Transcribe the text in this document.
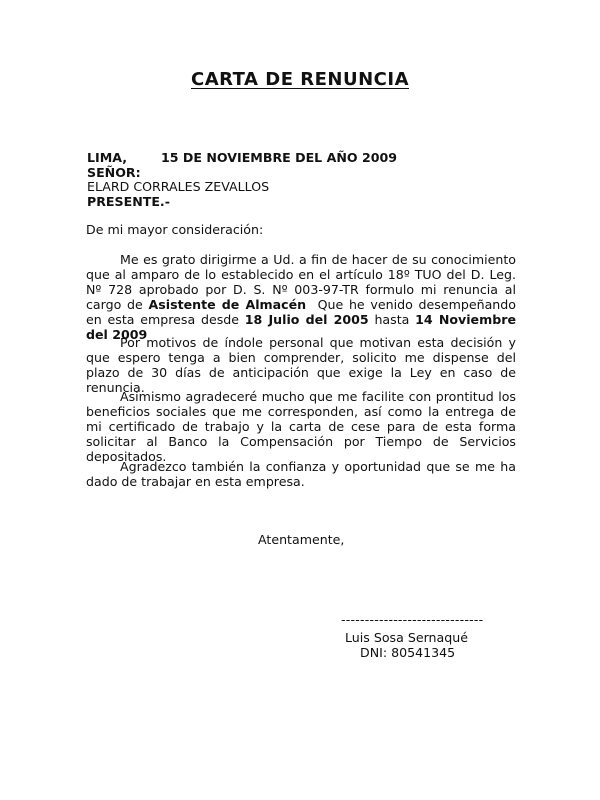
CARTA DE RENUNCIA
LIMA,	15 DE NOVIEMBRE DEL AÑO 2009
SEÑOR:
ELARD CORRALES ZEVALLOS
PRESENTE.-
De mi mayor consideración:

Me es grato dirigirme a Ud. a fin de hacer de su conocimiento que al amparo de lo establecido en el artículo 18º TUO del D. Leg. Nº 728 aprobado por D. S. Nº 003-97-TR formulo mi renuncia al cargo de Asistente de Almacén Que he venido desempeñando en esta empresa desde 18 Julio del 2005 hasta 14 Noviembre del 2009

Por motivos de índole personal que motivan esta decisión y que espero tenga a bien comprender, solicito me dispense del plazo de 30 días de anticipación que exige la Ley en caso de renuncia.

Asimismo agradeceré mucho que me facilite con prontitud los beneficios sociales que me corresponden, así como la entrega de mi certificado de trabajo y la carta de cese para de esta forma solicitar al Banco la Compensación por Tiempo de Servicios depositados.

Agradezco también la confianza y oportunidad que se me ha dado de trabajar en esta empresa.

Atentamente,
------------------------------
Luis Sosa Sernaqué
DNI: 80541345
